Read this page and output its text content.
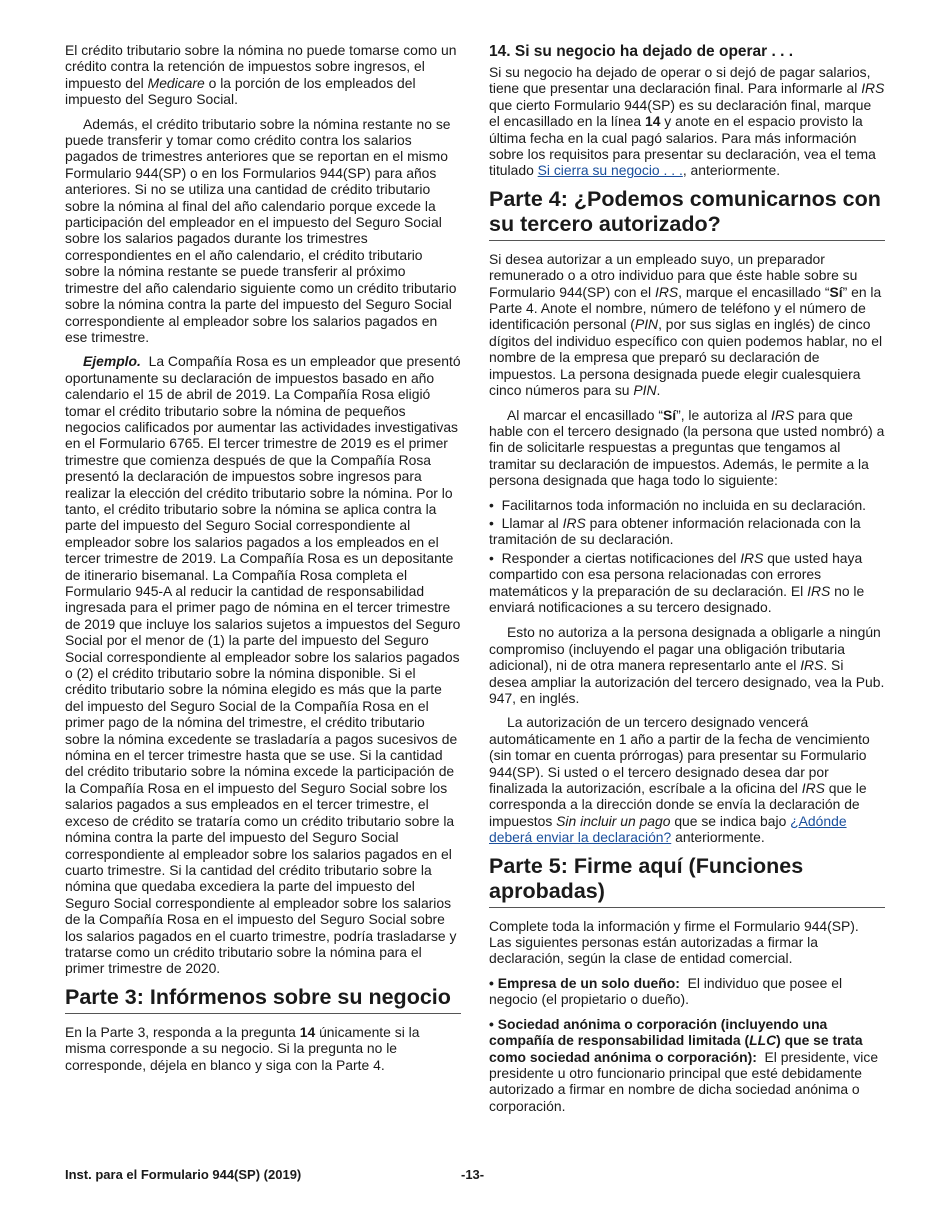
El crédito tributario sobre la nómina no puede tomarse como un crédito contra la retención de impuestos sobre ingresos, el impuesto del Medicare o la porción de los empleados del impuesto del Seguro Social.

Además, el crédito tributario sobre la nómina restante no se puede transferir y tomar como crédito contra los salarios pagados de trimestres anteriores que se reportan en el mismo Formulario 944(SP) o en los Formularios 944(SP) para años anteriores. Si no se utiliza una cantidad de crédito tributario sobre la nómina al final del año calendario porque excede la participación del empleador en el impuesto del Seguro Social sobre los salarios pagados durante los trimestres correspondientes en el año calendario, el crédito tributario sobre la nómina restante se puede transferir al próximo trimestre del año calendario siguiente como un crédito tributario sobre la nómina contra la parte del impuesto del Seguro Social correspondiente al empleador sobre los salarios pagados en ese trimestre.

Ejemplo. La Compañía Rosa es un empleador que presentó oportunamente su declaración de impuestos basado en año calendario el 15 de abril de 2019. La Compañía Rosa eligió tomar el crédito tributario sobre la nómina de pequeños negocios calificados por aumentar las actividades investigativas en el Formulario 6765. El tercer trimestre de 2019 es el primer trimestre que comienza después de que la Compañía Rosa presentó la declaración de impuestos sobre ingresos para realizar la elección del crédito tributario sobre la nómina. Por lo tanto, el crédito tributario sobre la nómina se aplica contra la parte del impuesto del Seguro Social correspondiente al empleador sobre los salarios pagados a los empleados en el tercer trimestre de 2019. La Compañía Rosa es un depositante de itinerario bisemanal. La Compañía Rosa completa el Formulario 945-A al reducir la cantidad de responsabilidad ingresada para el primer pago de nómina en el tercer trimestre de 2019 que incluye los salarios sujetos a impuestos del Seguro Social por el menor de (1) la parte del impuesto del Seguro Social correspondiente al empleador sobre los salarios pagados o (2) el crédito tributario sobre la nómina disponible. Si el crédito tributario sobre la nómina elegido es más que la parte del impuesto del Seguro Social de la Compañía Rosa en el primer pago de la nómina del trimestre, el crédito tributario sobre la nómina excedente se trasladaría a pagos sucesivos de nómina en el tercer trimestre hasta que se use. Si la cantidad del crédito tributario sobre la nómina excede la participación de la Compañía Rosa en el impuesto del Seguro Social sobre los salarios pagados a sus empleados en el tercer trimestre, el exceso de crédito se trataría como un crédito tributario sobre la nómina contra la parte del impuesto del Seguro Social correspondiente al empleador sobre los salarios pagados en el cuarto trimestre. Si la cantidad del crédito tributario sobre la nómina que quedaba excediera la parte del impuesto del Seguro Social correspondiente al empleador sobre los salarios de la Compañía Rosa en el impuesto del Seguro Social sobre los salarios pagados en el cuarto trimestre, podría trasladarse y tratarse como un crédito tributario sobre la nómina para el primer trimestre de 2020.

Parte 3: Infórmenos sobre su negocio

En la Parte 3, responda a la pregunta 14 únicamente si la misma corresponde a su negocio. Si la pregunta no le corresponde, déjela en blanco y siga con la Parte 4.

14. Si su negocio ha dejado de operar . . .

Si su negocio ha dejado de operar o si dejó de pagar salarios, tiene que presentar una declaración final. Para informarle al IRS que cierto Formulario 944(SP) es su declaración final, marque el encasillado en la línea 14 y anote en el espacio provisto la última fecha en la cual pagó salarios. Para más información sobre los requisitos para presentar su declaración, vea el tema titulado Si cierra su negocio . . ., anteriormente.

Parte 4: ¿Podemos comunicarnos con su tercero autorizado?

Si desea autorizar a un empleado suyo, un preparador remunerado o a otro individuo para que éste hable sobre su Formulario 944(SP) con el IRS, marque el encasillado “Sí” en la Parte 4. Anote el nombre, número de teléfono y el número de identificación personal (PIN, por sus siglas en inglés) de cinco dígitos del individuo específico con quien podemos hablar, no el nombre de la empresa que preparó su declaración de impuestos. La persona designada puede elegir cualesquiera cinco números para su PIN.

Al marcar el encasillado “Sí”, le autoriza al IRS para que hable con el tercero designado (la persona que usted nombró) a fin de solicitarle respuestas a preguntas que tengamos al tramitar su declaración de impuestos. Además, le permite a la persona designada que haga todo lo siguiente:

• Facilitarnos toda información no incluida en su declaración.

• Llamar al IRS para obtener información relacionada con la tramitación de su declaración.

• Responder a ciertas notificaciones del IRS que usted haya compartido con esa persona relacionadas con errores matemáticos y la preparación de su declaración. El IRS no le enviará notificaciones a su tercero designado.

Esto no autoriza a la persona designada a obligarle a ningún compromiso (incluyendo el pagar una obligación tributaria adicional), ni de otra manera representarlo ante el IRS. Si desea ampliar la autorización del tercero designado, vea la Pub. 947, en inglés.

La autorización de un tercero designado vencerá automáticamente en 1 año a partir de la fecha de vencimiento (sin tomar en cuenta prórrogas) para presentar su Formulario 944(SP). Si usted o el tercero designado desea dar por finalizada la autorización, escríbale a la oficina del IRS que le corresponda a la dirección donde se envía la declaración de impuestos Sin incluir un pago que se indica bajo ¿Adónde deberá enviar la declaración? anteriormente.

Parte 5: Firme aquí (Funciones aprobadas)

Complete toda la información y firme el Formulario 944(SP). Las siguientes personas están autorizadas a firmar la declaración, según la clase de entidad comercial.

• Empresa de un solo dueño: El individuo que posee el negocio (el propietario o dueño).

• Sociedad anónima o corporación (incluyendo una compañía de responsabilidad limitada (LLC) que se trata como sociedad anónima o corporación): El presidente, vice presidente u otro funcionario principal que esté debidamente autorizado a firmar en nombre de dicha sociedad anónima o corporación.

Inst. para el Formulario 944(SP) (2019)	-13-
